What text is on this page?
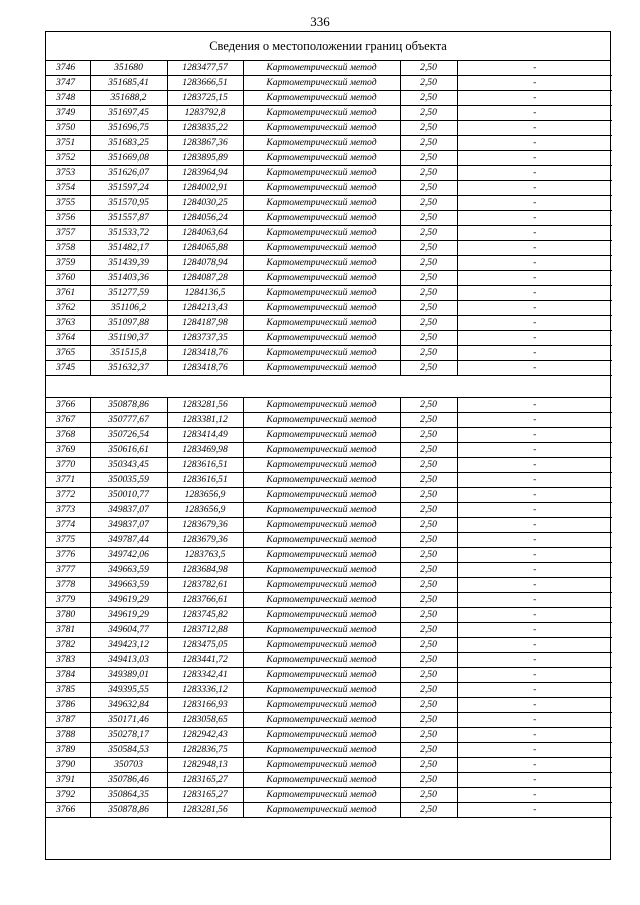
336
Сведения о местоположении границ объекта
3746	351680	1283477,57	Картометрический метод	2,50	-
3747	351685,41	1283666,51	Картометрический метод	2,50	-
3748	351688,2	1283725,15	Картометрический метод	2,50	-
3749	351697,45	1283792,8	Картометрический метод	2,50	-
3750	351696,75	1283835,22	Картометрический метод	2,50	-
3751	351683,25	1283867,36	Картометрический метод	2,50	-
3752	351669,08	1283895,89	Картометрический метод	2,50	-
3753	351626,07	1283964,94	Картометрический метод	2,50	-
3754	351597,24	1284002,91	Картометрический метод	2,50	-
3755	351570,95	1284030,25	Картометрический метод	2,50	-
3756	351557,87	1284056,24	Картометрический метод	2,50	-
3757	351533,72	1284063,64	Картометрический метод	2,50	-
3758	351482,17	1284065,88	Картометрический метод	2,50	-
3759	351439,39	1284078,94	Картометрический метод	2,50	-
3760	351403,36	1284087,28	Картометрический метод	2,50	-
3761	351277,59	1284136,5	Картометрический метод	2,50	-
3762	351106,2	1284213,43	Картометрический метод	2,50	-
3763	351097,88	1284187,98	Картометрический метод	2,50	-
3764	351190,37	1283737,35	Картометрический метод	2,50	-
3765	351515,8	1283418,76	Картометрический метод	2,50	-
3745	351632,37	1283418,76	Картометрический метод	2,50	-

3766	350878,86	1283281,56	Картометрический метод	2,50	-
3767	350777,67	1283381,12	Картометрический метод	2,50	-
3768	350726,54	1283414,49	Картометрический метод	2,50	-
3769	350616,61	1283469,98	Картометрический метод	2,50	-
3770	350343,45	1283616,51	Картометрический метод	2,50	-
3771	350035,59	1283616,51	Картометрический метод	2,50	-
3772	350010,77	1283656,9	Картометрический метод	2,50	-
3773	349837,07	1283656,9	Картометрический метод	2,50	-
3774	349837,07	1283679,36	Картометрический метод	2,50	-
3775	349787,44	1283679,36	Картометрический метод	2,50	-
3776	349742,06	1283763,5	Картометрический метод	2,50	-
3777	349663,59	1283684,98	Картометрический метод	2,50	-
3778	349663,59	1283782,61	Картометрический метод	2,50	-
3779	349619,29	1283766,61	Картометрический метод	2,50	-
3780	349619,29	1283745,82	Картометрический метод	2,50	-
3781	349604,77	1283712,88	Картометрический метод	2,50	-
3782	349423,12	1283475,05	Картометрический метод	2,50	-
3783	349413,03	1283441,72	Картометрический метод	2,50	-
3784	349389,01	1283342,41	Картометрический метод	2,50	-
3785	349395,55	1283336,12	Картометрический метод	2,50	-
3786	349632,84	1283166,93	Картометрический метод	2,50	-
3787	350171,46	1283058,65	Картометрический метод	2,50	-
3788	350278,17	1282942,43	Картометрический метод	2,50	-
3789	350584,53	1282836,75	Картометрический метод	2,50	-
3790	350703	1282948,13	Картометрический метод	2,50	-
3791	350786,46	1283165,27	Картометрический метод	2,50	-
3792	350864,35	1283165,27	Картометрический метод	2,50	-
3766	350878,86	1283281,56	Картометрический метод	2,50	-
